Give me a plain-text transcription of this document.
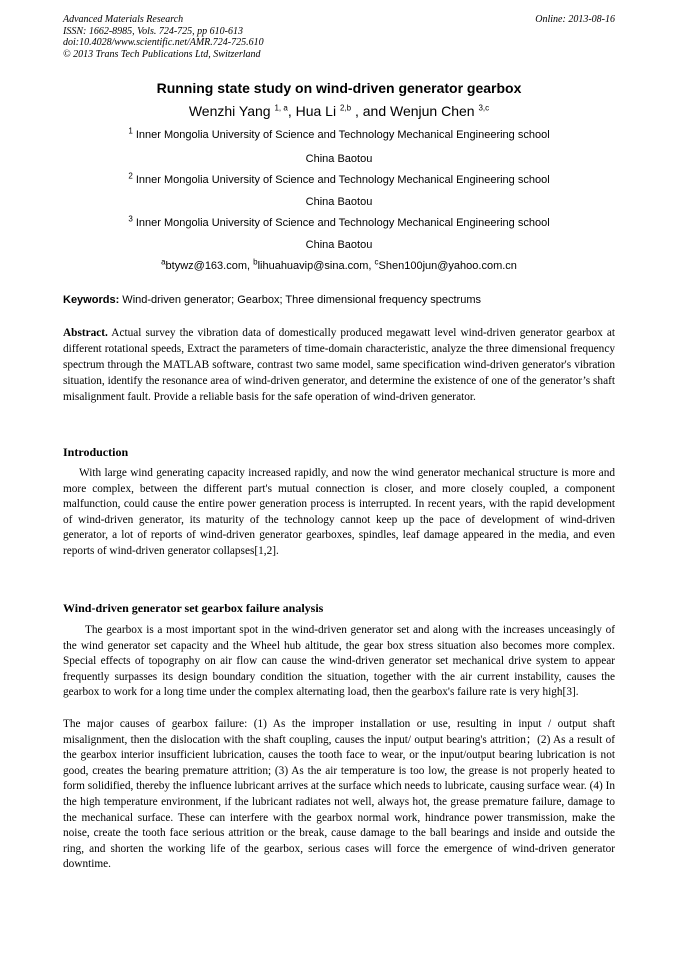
Advanced Materials Research
ISSN: 1662-8985, Vols. 724-725, pp 610-613
doi:10.4028/www.scientific.net/AMR.724-725.610
© 2013 Trans Tech Publications Ltd, Switzerland
Online: 2013-08-16
Running state study on wind-driven generator gearbox
Wenzhi Yang $^{1, a}$, Hua Li $^{2,b}$ , and Wenjun Chen $^{3,c}$
$^1$ Inner Mongolia University of Science and Technology Mechanical Engineering school
China Baotou
$^2$ Inner Mongolia University of Science and Technology Mechanical Engineering school
China Baotou
$^3$ Inner Mongolia University of Science and Technology Mechanical Engineering school
China Baotou
$^a$btywz@163.com, $^b$lihuahuavip@sina.com, $^c$Shen100jun@yahoo.com.cn
Keywords: Wind-driven generator; Gearbox; Three dimensional frequency spectrums
Abstract. Actual survey the vibration data of domestically produced megawatt level wind-driven generator gearbox at different rotational speeds, Extract the parameters of time-domain characteristic, analyze the three dimensional frequency spectrum through the MATLAB software, contrast two same model, same specification wind-driven generator's vibration situation, identify the resonance area of wind-driven generator, and determine the existence of one of the generator’s shaft misalignment fault. Provide a reliable basis for the safe operation of wind-driven generator.
Introduction
With large wind generating capacity increased rapidly, and now the wind generator mechanical structure is more and more complex, between the different part's mutual connection is closer, and more closely coupled, a component malfunction, could cause the entire power generation process is interrupted. In recent years, with the rapid development of wind-driven generator, its maturity of the technology cannot keep up the pace of development of wind-driven generator, a lot of reports of wind-driven generator gearboxes, spindles, leaf damage appeared in the media, and even reports of wind-driven generator collapses[1,2].
Wind-driven generator set gearbox failure analysis
The gearbox is a most important spot in the wind-driven generator set and along with the increases unceasingly of the wind generator set capacity and the Wheel hub altitude, the gear box stress situation also becomes more complex. Special effects of topography on air flow can cause the wind-driven generator set mechanical drive system to appear frequently surpasses its design boundary condition the situation, together with the air current instability, causes the gearbox to work for a long time under the complex alternating load, then the gearbox's failure rate is very high[3].
The major causes of gearbox failure: (1) As the improper installation or use, resulting in input / output shaft misalignment, then the dislocation with the shaft coupling, causes the input/ output bearing's attrition；(2) As a result of the gearbox interior insufficient lubrication, causes the tooth face to wear, or the input/output bearing lubrication is not good, creates the bearing premature attrition; (3) As the air temperature is too low, the grease is not properly heated to form solidified, thereby the influence lubricant arrives at the surface which needs to lubricate, causing surface wear. (4) In the high temperature environment, if the lubricant radiates not well, always hot, the grease premature failure, damage to the mechanical surface. These can interfere with the gearbox normal work, hindrance power transmission, make the noise, create the tooth face serious attrition or the break, cause damage to the ball bearings and inside and outside the ring, and shorten the working life of the gearbox, serious cases will force the emergence of wind-driven generator downtime.
